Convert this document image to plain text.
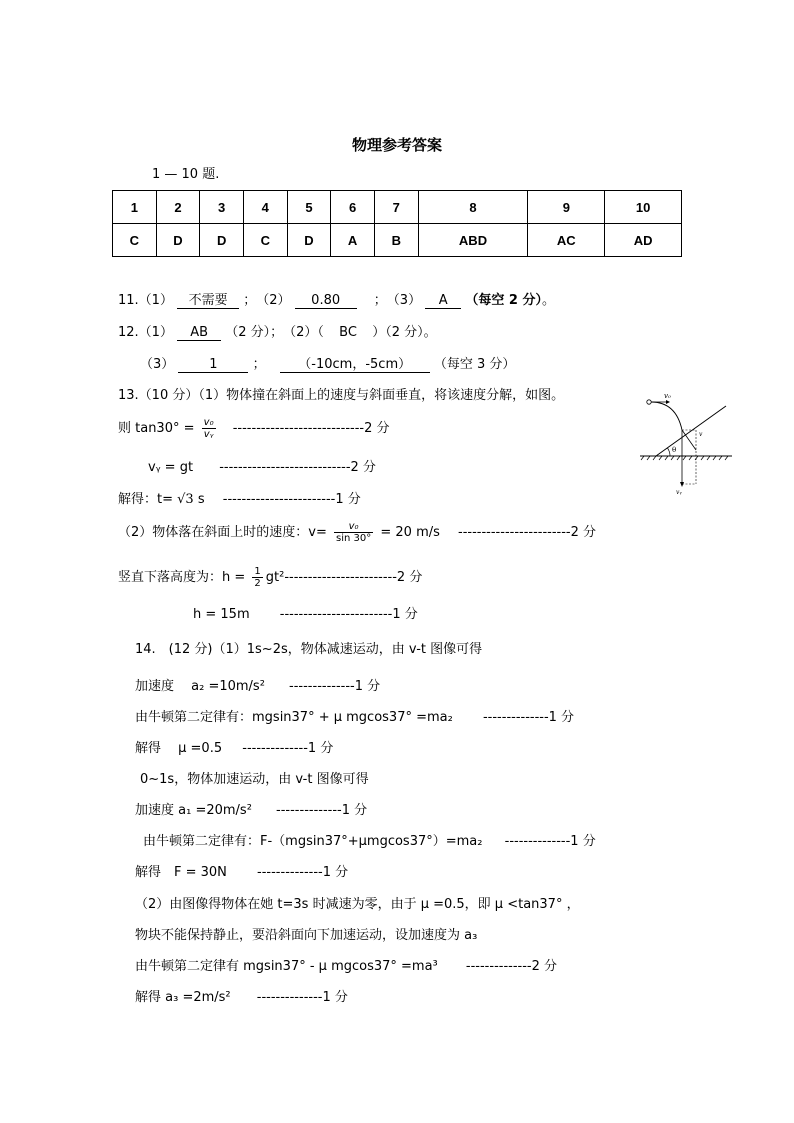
物理参考答案
1 — 10 题.
1	2	3	4	5	6	7	8	9	10
C	D	D	C	D	A	B	ABD	AC	AD
11.（1） 不需要 ；　（2） 0.80 　；　（3） A （每空 2 分）。
12.（1） AB （2 分）；　（2）（ BC ）（2 分）。
（3）	1	；	（-10cm，-5cm） （每空 3 分）
13.（10 分）（1）物体撞在斜面上的速度与斜面垂直，将该速度分解，如图。
则 $\tan 30^\circ = \frac{\text{v₀}}{\text{vᵧ}} ----------------------------2$ 分
vᵧ = gt ----------------------------2 分
解得：t= √3 s ------------------------1 分
（2）物体落在斜面上时的速度：$v= \frac{\text{v₀}}{\sin 30^\circ} = 20$ m/s ------------------------2 分
竖直下落高度为：$h = \frac{1}{2} gt^2------------------------2$ 分
h = 15m ------------------------1 分
θ
v₀
v
vᵧ
14.　(12 分)（1）1s~2s，物体减速运动，由 v-t 图像可得
加速度　 a₂ =10m/s² --------------1 分
由牛顿第二定律有：mgsin37° + μ mgcos37° =ma₂ --------------1 分
解得　 μ =0.5 --------------1 分
0~1s，物体加速运动，由 v-t 图像可得
加速度 a₁ =20m/s² --------------1 分
由牛顿第二定律有：F-（mgsin37°+μmgcos37°）=ma₂ --------------1 分
解得　F = 30N --------------1 分
（2）由图像得物体在她 t=3s 时减速为零，由于 μ =0.5，即 μ <tan37° ，
物块不能保持静止，要沿斜面向下加速运动，设加速度为 a₃
由牛顿第二定律有 mgsin37° - μ mgcos37° =ma³ --------------2 分
解得 a₃ =2m/s² --------------1 分
